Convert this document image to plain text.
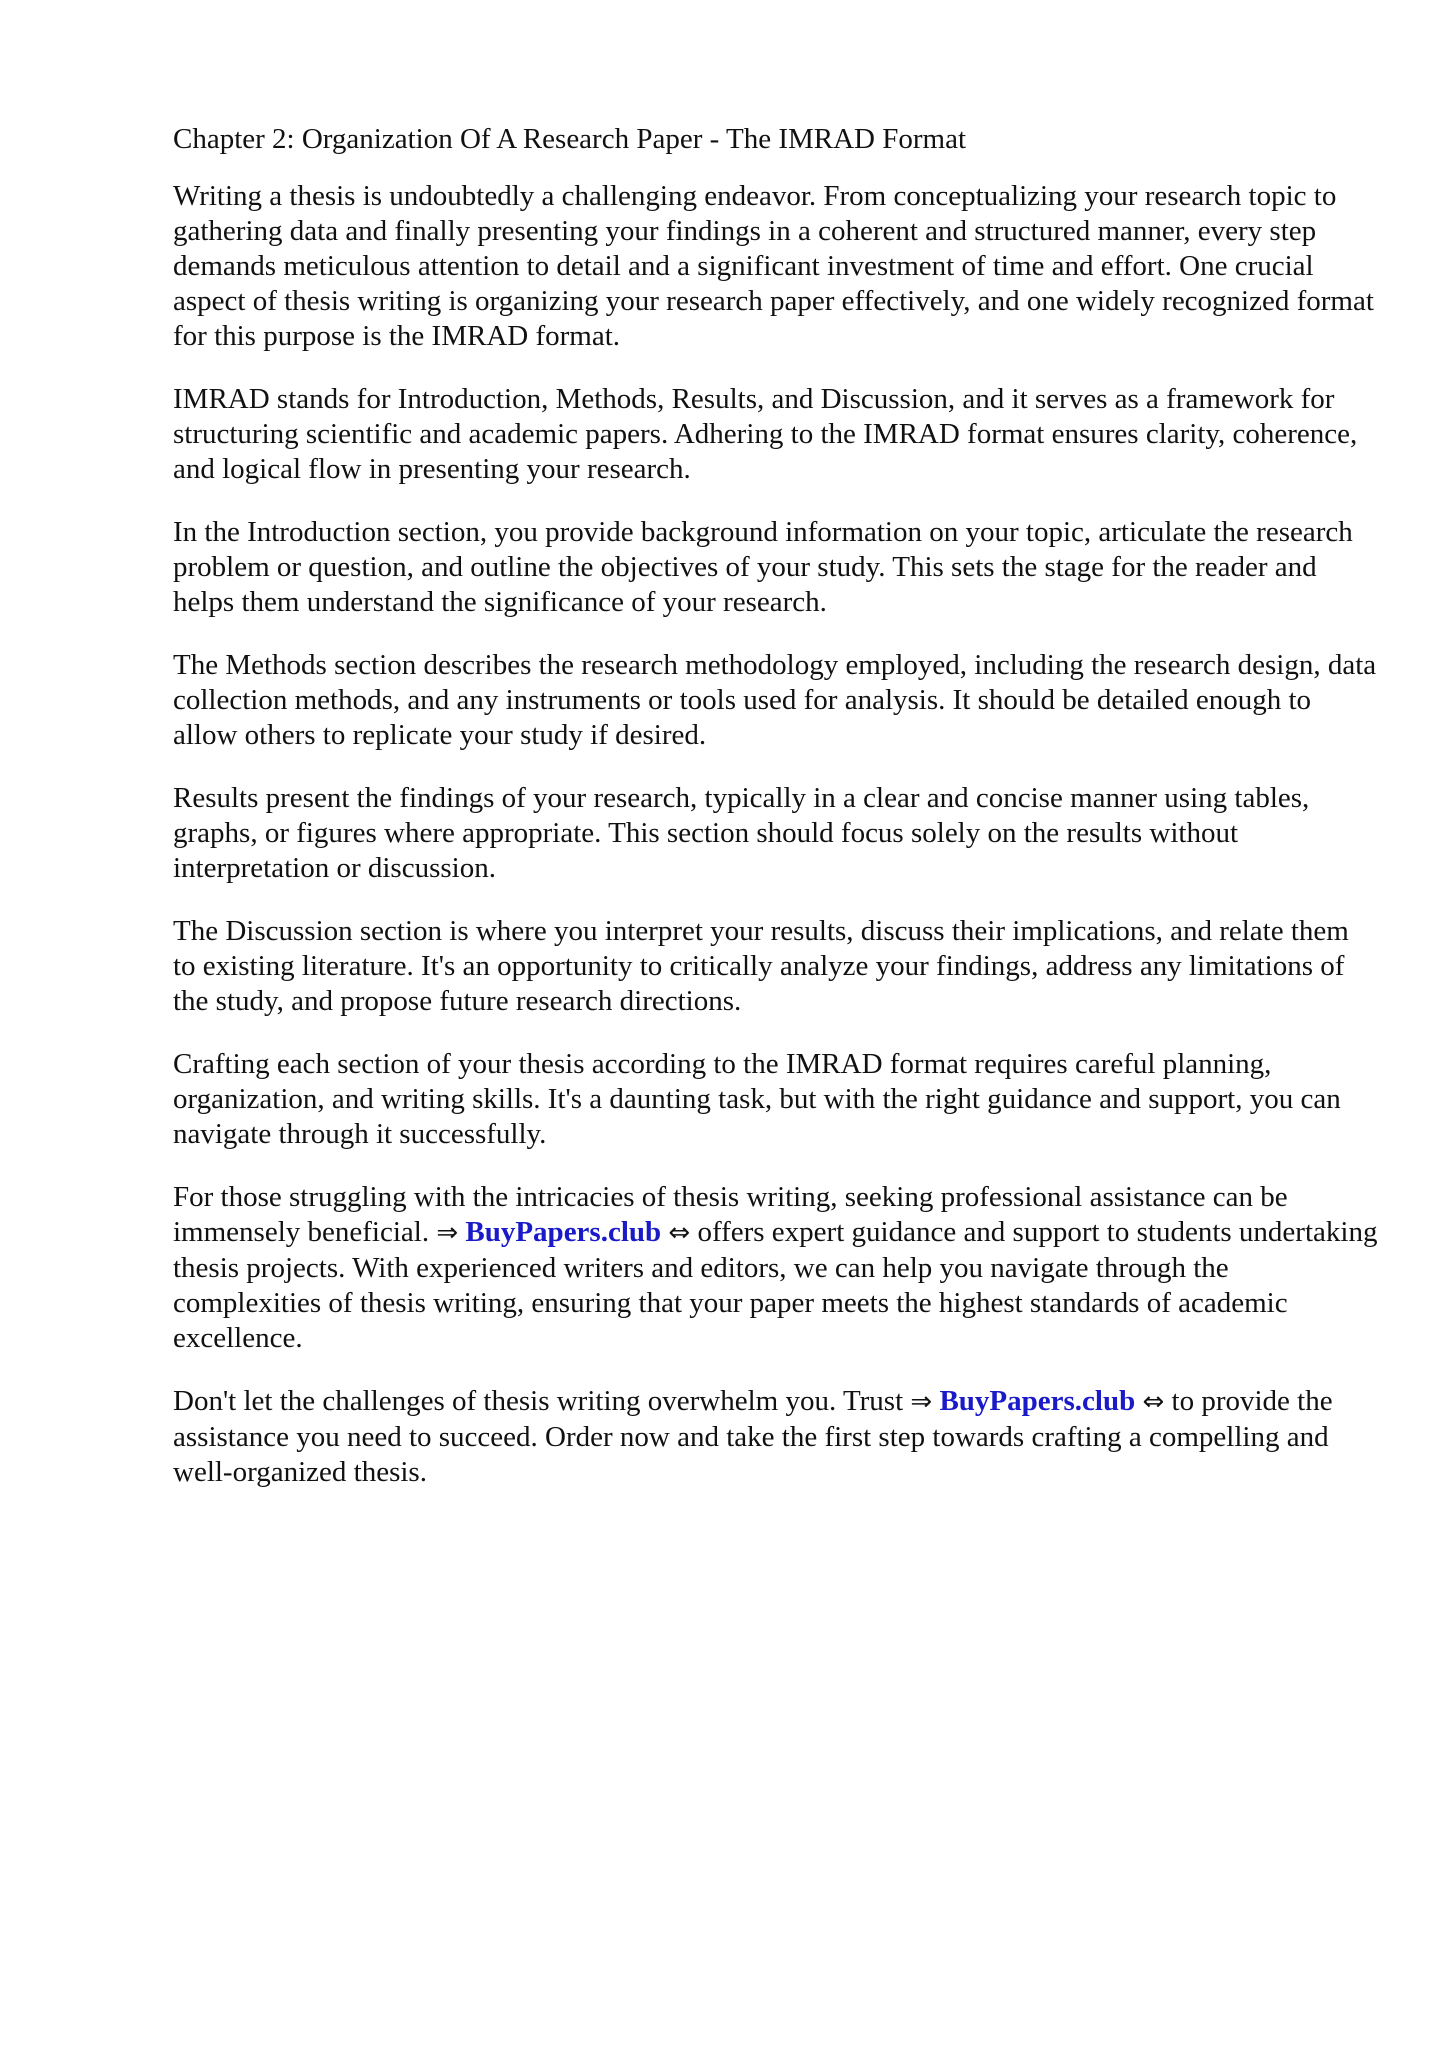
Chapter 2: Organization Of A Research Paper - The IMRAD Format

Writing a thesis is undoubtedly a challenging endeavor. From conceptualizing your research topic to gathering data and finally presenting your findings in a coherent and structured manner, every step demands meticulous attention to detail and a significant investment of time and effort. One crucial aspect of thesis writing is organizing your research paper effectively, and one widely recognized format for this purpose is the IMRAD format.

IMRAD stands for Introduction, Methods, Results, and Discussion, and it serves as a framework for structuring scientific and academic papers. Adhering to the IMRAD format ensures clarity, coherence, and logical flow in presenting your research.

In the Introduction section, you provide background information on your topic, articulate the research problem or question, and outline the objectives of your study. This sets the stage for the reader and helps them understand the significance of your research.

The Methods section describes the research methodology employed, including the research design, data collection methods, and any instruments or tools used for analysis. It should be detailed enough to allow others to replicate your study if desired.

Results present the findings of your research, typically in a clear and concise manner using tables, graphs, or figures where appropriate. This section should focus solely on the results without interpretation or discussion.

The Discussion section is where you interpret your results, discuss their implications, and relate them to existing literature. It's an opportunity to critically analyze your findings, address any limitations of the study, and propose future research directions.

Crafting each section of your thesis according to the IMRAD format requires careful planning, organization, and writing skills. It's a daunting task, but with the right guidance and support, you can navigate through it successfully.

For those struggling with the intricacies of thesis writing, seeking professional assistance can be immensely beneficial. ⇒ BuyPapers.club ⇔ offers expert guidance and support to students undertaking thesis projects. With experienced writers and editors, we can help you navigate through the complexities of thesis writing, ensuring that your paper meets the highest standards of academic excellence.

Don't let the challenges of thesis writing overwhelm you. Trust ⇒ BuyPapers.club ⇔ to provide the assistance you need to succeed. Order now and take the first step towards crafting a compelling and well-organized thesis.
